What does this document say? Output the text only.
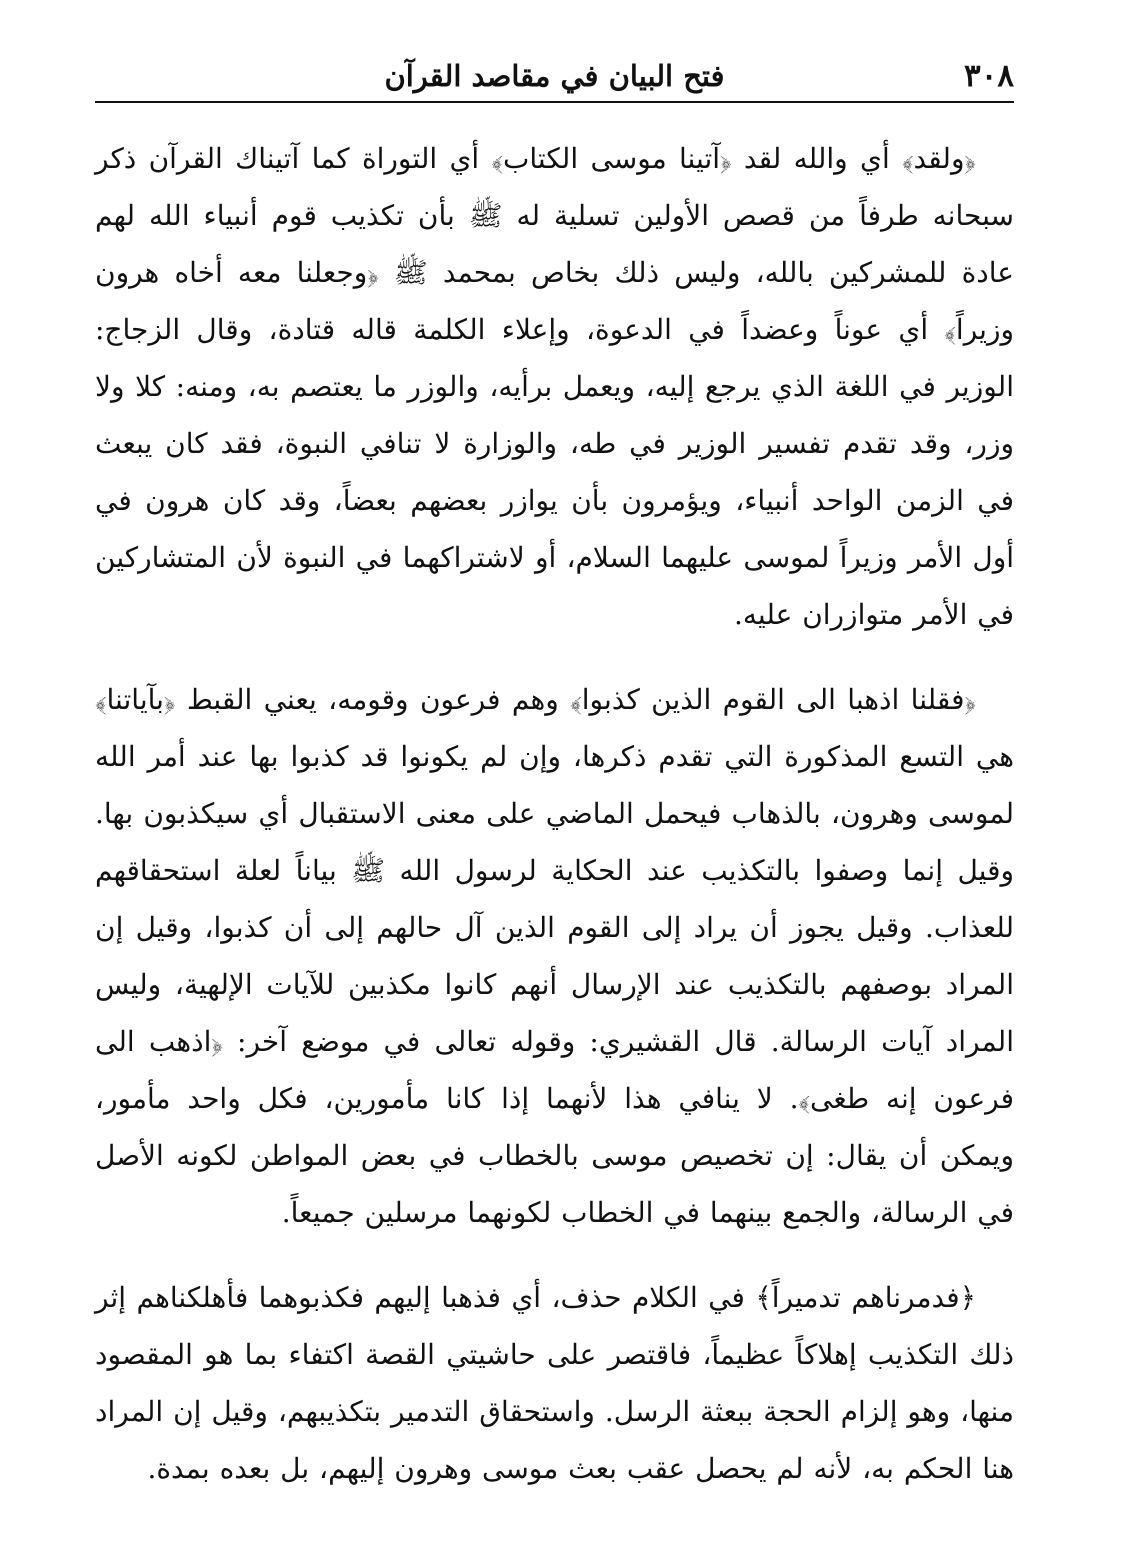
٣٠٨
فتح البيان في مقاصد القرآن

﴿ولقد﴾ أي والله لقد ﴿آتينا موسى الكتاب﴾ أي التوراة كما آتيناك القرآن ذكر سبحانه طرفاً من قصص الأولين تسلية له ﷺ بأن تكذيب قوم أنبياء الله لهم عادة للمشركين بالله، وليس ذلك بخاص بمحمد ﷺ ﴿وجعلنا معه أخاه هرون وزيراً﴾ أي عوناً وعضداً في الدعوة، وإعلاء الكلمة قاله قتادة، وقال الزجاج: الوزير في اللغة الذي يرجع إليه، ويعمل برأيه، والوزر ما يعتصم به، ومنه: كلا ولا وزر، وقد تقدم تفسير الوزير في طه، والوزارة لا تنافي النبوة، فقد كان يبعث في الزمن الواحد أنبياء، ويؤمرون بأن يوازر بعضهم بعضاً، وقد كان هرون في أول الأمر وزيراً لموسى عليهما السلام، أو لاشتراكهما في النبوة لأن المتشاركين في الأمر متوازران عليه.

﴿فقلنا اذهبا الى القوم الذين كذبوا﴾ وهم فرعون وقومه، يعني القبط ﴿بآياتنا﴾ هي التسع المذكورة التي تقدم ذكرها، وإن لم يكونوا قد كذبوا بها عند أمر الله لموسى وهرون، بالذهاب فيحمل الماضي على معنى الاستقبال أي سيكذبون بها. وقيل إنما وصفوا بالتكذيب عند الحكاية لرسول الله ﷺ بياناً لعلة استحقاقهم للعذاب. وقيل يجوز أن يراد إلى القوم الذين آل حالهم إلى أن كذبوا، وقيل إن المراد بوصفهم بالتكذيب عند الإرسال أنهم كانوا مكذبين للآيات الإلهية، وليس المراد آيات الرسالة. قال القشيري: وقوله تعالى في موضع آخر: ﴿اذهب الى فرعون إنه طغى﴾. لا ينافي هذا لأنهما إذا كانا مأمورين، فكل واحد مأمور، ويمكن أن يقال: إن تخصيص موسى بالخطاب في بعض المواطن لكونه الأصل في الرسالة، والجمع بينهما في الخطاب لكونهما مرسلين جميعاً.

﴿فدمرناهم تدميراً﴾ في الكلام حذف، أي فذهبا إليهم فكذبوهما فأهلكناهم إثر ذلك التكذيب إهلاكاً عظيماً، فاقتصر على حاشيتي القصة اكتفاء بما هو المقصود منها، وهو إلزام الحجة ببعثة الرسل. واستحقاق التدمير بتكذيبهم، وقيل إن المراد هنا الحكم به، لأنه لم يحصل عقب بعث موسى وهرون إليهم، بل بعده بمدة.
